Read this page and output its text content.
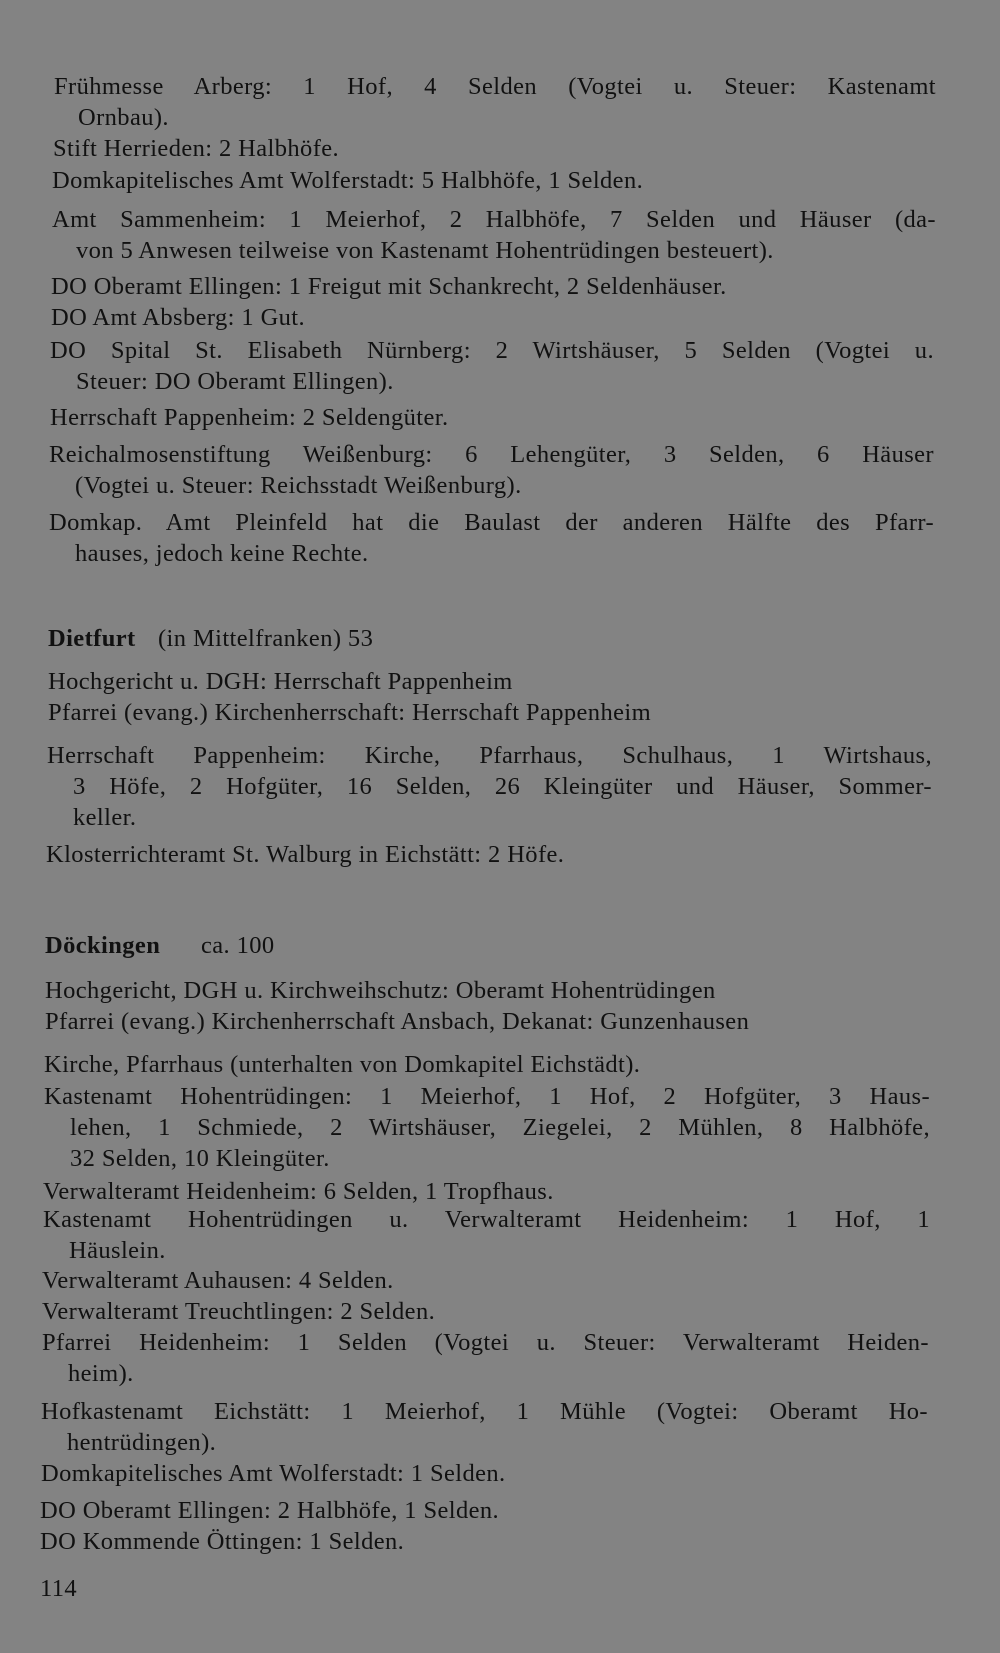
Frühmesse Arberg: 1 Hof, 4 Selden (Vogtei u. Steuer: Kastenamt
Ornbau).
Stift Herrieden: 2 Halbhöfe.
Domkapitelisches Amt Wolferstadt: 5 Halbhöfe, 1 Selden.
Amt Sammenheim: 1 Meierhof, 2 Halbhöfe, 7 Selden und Häuser (da-
von 5 Anwesen teilweise von Kastenamt Hohentrüdingen besteuert).
DO Oberamt Ellingen: 1 Freigut mit Schankrecht, 2 Seldenhäuser.
DO Amt Absberg: 1 Gut.
DO Spital St. Elisabeth Nürnberg: 2 Wirtshäuser, 5 Selden (Vogtei u.
Steuer: DO Oberamt Ellingen).
Herrschaft Pappenheim: 2 Seldengüter.
Reichalmosenstiftung Weißenburg: 6 Lehengüter, 3 Selden, 6 Häuser
(Vogtei u. Steuer: Reichsstadt Weißenburg).
Domkap. Amt Pleinfeld hat die Baulast der anderen Hälfte des Pfarr-
hauses, jedoch keine Rechte.
Dietfurt (in Mittelfranken) 53
Hochgericht u. DGH: Herrschaft Pappenheim
Pfarrei (evang.) Kirchenherrschaft: Herrschaft Pappenheim
Herrschaft Pappenheim: Kirche, Pfarrhaus, Schulhaus, 1 Wirtshaus,
3 Höfe, 2 Hofgüter, 16 Selden, 26 Kleingüter und Häuser, Sommer-
keller.
Klosterrichteramt St. Walburg in Eichstätt: 2 Höfe.
Döckingen ca. 100
Hochgericht, DGH u. Kirchweihschutz: Oberamt Hohentrüdingen
Pfarrei (evang.) Kirchenherrschaft Ansbach, Dekanat: Gunzenhausen
Kirche, Pfarrhaus (unterhalten von Domkapitel Eichstädt).
Kastenamt Hohentrüdingen: 1 Meierhof, 1 Hof, 2 Hofgüter, 3 Haus-
lehen, 1 Schmiede, 2 Wirtshäuser, Ziegelei, 2 Mühlen, 8 Halbhöfe,
32 Selden, 10 Kleingüter.
Verwalteramt Heidenheim: 6 Selden, 1 Tropfhaus.
Kastenamt Hohentrüdingen u. Verwalteramt Heidenheim: 1 Hof, 1
Häuslein.
Verwalteramt Auhausen: 4 Selden.
Verwalteramt Treuchtlingen: 2 Selden.
Pfarrei Heidenheim: 1 Selden (Vogtei u. Steuer: Verwalteramt Heiden-
heim).
Hofkastenamt Eichstätt: 1 Meierhof, 1 Mühle (Vogtei: Oberamt Ho-
hentrüdingen).
Domkapitelisches Amt Wolferstadt: 1 Selden.
DO Oberamt Ellingen: 2 Halbhöfe, 1 Selden.
DO Kommende Öttingen: 1 Selden.
114
